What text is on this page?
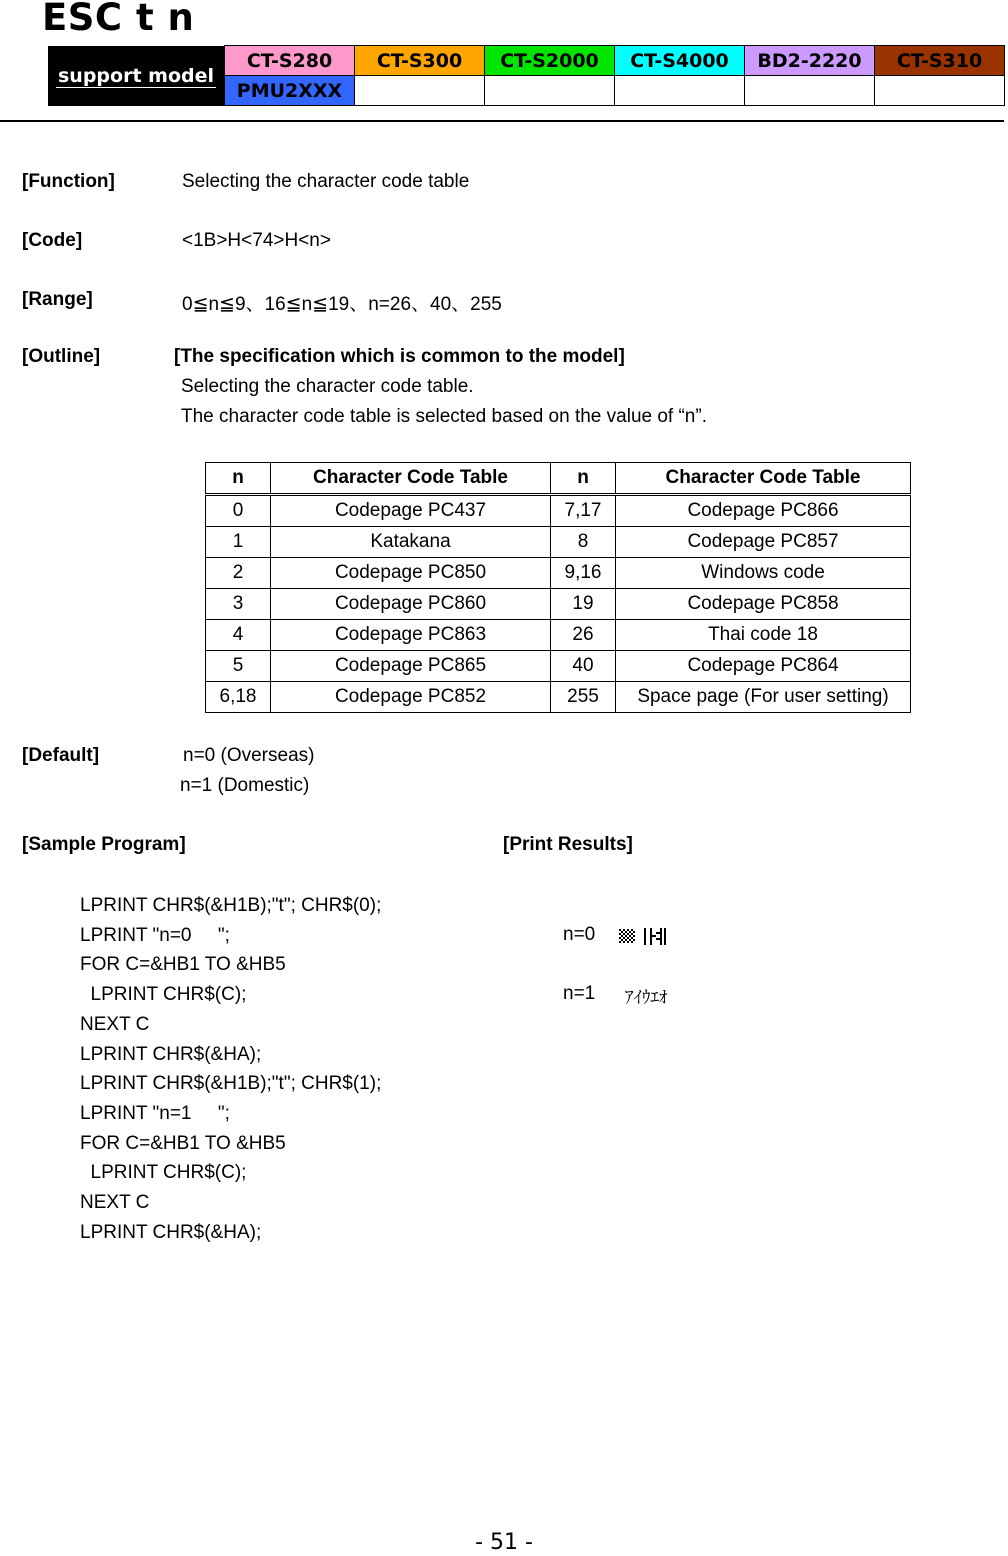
ESC t n
support model
CT-S280	CT-S300	CT-S2000	CT-S4000	BD2-2220	CT-S310
PMU2XXX					
[Function]	Selecting the character code table
[Code]	<1B>H<74>H<n>
[Range]	0≦n≦9、16≦n≦19、n=26、40、255
[Outline]	[The specification which is common to the model]
Selecting the character code table.
The character code table is selected based on the value of “n”.
n	Character Code Table	n	Character Code Table
0	Codepage PC437	7,17	Codepage PC866
1	Katakana	8	Codepage PC857
2	Codepage PC850	9,16	Windows code
3	Codepage PC860	19	Codepage PC858
4	Codepage PC863	26	Thai code 18
5	Codepage PC865	40	Codepage PC864
6,18	Codepage PC852	255	Space page (For user setting)
[Default]	n=0 (Overseas)
n=1 (Domestic)
[Sample Program]	[Print Results]
LPRINT CHR$(&H1B);"t"; CHR$(0);
LPRINT "n=0     ";
FOR C=&HB1 TO &HB5
LPRINT CHR$(C);
NEXT C
LPRINT CHR$(&HA);
LPRINT CHR$(&H1B);"t"; CHR$(1);
LPRINT "n=1     ";
FOR C=&HB1 TO &HB5
LPRINT CHR$(C);
NEXT C
LPRINT CHR$(&HA);
n=0
n=1 ｱｲｳｴｵ
- 51 -
